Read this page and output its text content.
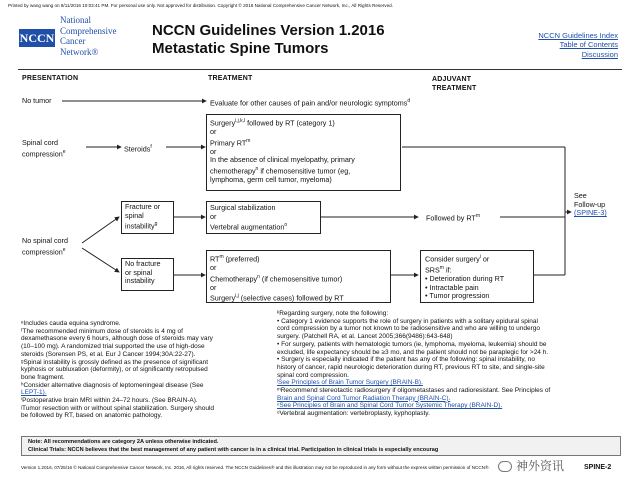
Printed by wang wang on 8/11/2016 10:03:41 PM. For personal use only. Not approved for distribution. Copyright © 2016 National Comprehensive Cancer Network, Inc., All Rights Reserved.
NCCN
National
Comprehensive
Cancer
Network®
NCCN Guidelines Version 1.2016
Metastatic Spine Tumors
NCCN Guidelines Index
Table of Contents
Discussion
PRESENTATION	TREATMENT	ADJUVANT
TREATMENT
No tumor	Evaluate for other causes of pain and/or neurologic symptoms$^d$
Spinal cord
compression$^e$	Steroids$^f$
Surgery$^{i,j,k,l}$ followed by RT (category 1)
or
Primary $RT^m$
or
In the absence of clinical myelopathy, primary
chemotherapy$^n$ if chemosensitive tumor (eg,
lymphoma, germ cell tumor, myeloma)
No spinal cord
compression$^e$
Fracture or
spinal
instability$^g$
Surgical stabilization
or
Vertebral augmentation$^o$
Followed by $RT^m$
No fracture
or spinal
instability
$RT^m$ (preferred)
or
Chemotherapy$^n$ (if chemosensitive tumor)
or
Surgery$^{i,j}$ (selective cases) followed by RT
Consider surgery$^i$ or
SRS$^m$ if:
• Deterioration during RT
• Intractable pain
• Tumor progression
See
Follow-up
(SPINE-3)
ᵉIncludes cauda equina syndrome.
ᶠThe recommended minimum dose of steroids is 4 mg of
dexamethasone every 6 hours, although dose of steroids may vary
(10–100 mg). A randomized trial supported the use of high-dose
steroids (Sorensen PS, et al. Eur J Cancer 1994;30A:22-27).
ᵍSpinal instability is grossly defined as the presence of significant
kyphosis or subluxation (deformity), or of significantly retropulsed
bone fragment.
ʰConsider alternative diagnosis of leptomeningeal disease (See
LEPT-1).
ⁱPostoperative brain MRI within 24–72 hours. (See BRAIN-A).
ʲTumor resection with or without spinal stabilization. Surgery should
be followed by RT, based on anatomic pathology.
ᵏRegarding surgery, note the following:
• Category 1 evidence supports the role of surgery in patients with a solitary epidural spinal
cord compression by a tumor not known to be radiosensitive and who are willing to undergo
surgery. (Patchell RA, et al. Lancet 2005;366(9486):643-648)
• For surgery, patients with hematologic tumors (ie, lymphoma, myeloma, leukemia) should be
excluded, life expectancy should be ≥3 mo, and the patient should not be paraplegic for >24 h.
• Surgery is especially indicated if the patient has any of the following: spinal instability, no
history of cancer, rapid neurologic deterioration during RT, previous RT to site, and single-site
spinal cord compression.
ˡSee Principles of Brain Tumor Surgery (BRAIN-B).
ᵐRecommend stereotactic radiosurgery if oligometastases and radioresistant. See Principles of
Brain and Spinal Cord Tumor Radiation Therapy (BRAIN-C).
ⁿSee Principles of Brain and Spinal Cord Tumor Systemic Therapy (BRAIN-D).
ᵒVertebral augmentation: vertebroplasty, kyphoplasty.
Note: All recommendations are category 2A unless otherwise indicated.
Clinical Trials: NCCN believes that the best management of any patient with cancer is in a clinical trial. Participation in clinical trials is especially encourag
Version 1.2016, 07/25/16 © National Comprehensive Cancer Network, Inc. 2016, All rights reserved. The NCCN Guidelines® and this illustration may not be reproduced in any form without the express written permission of NCCN®.	神外资讯	SPINE-2
